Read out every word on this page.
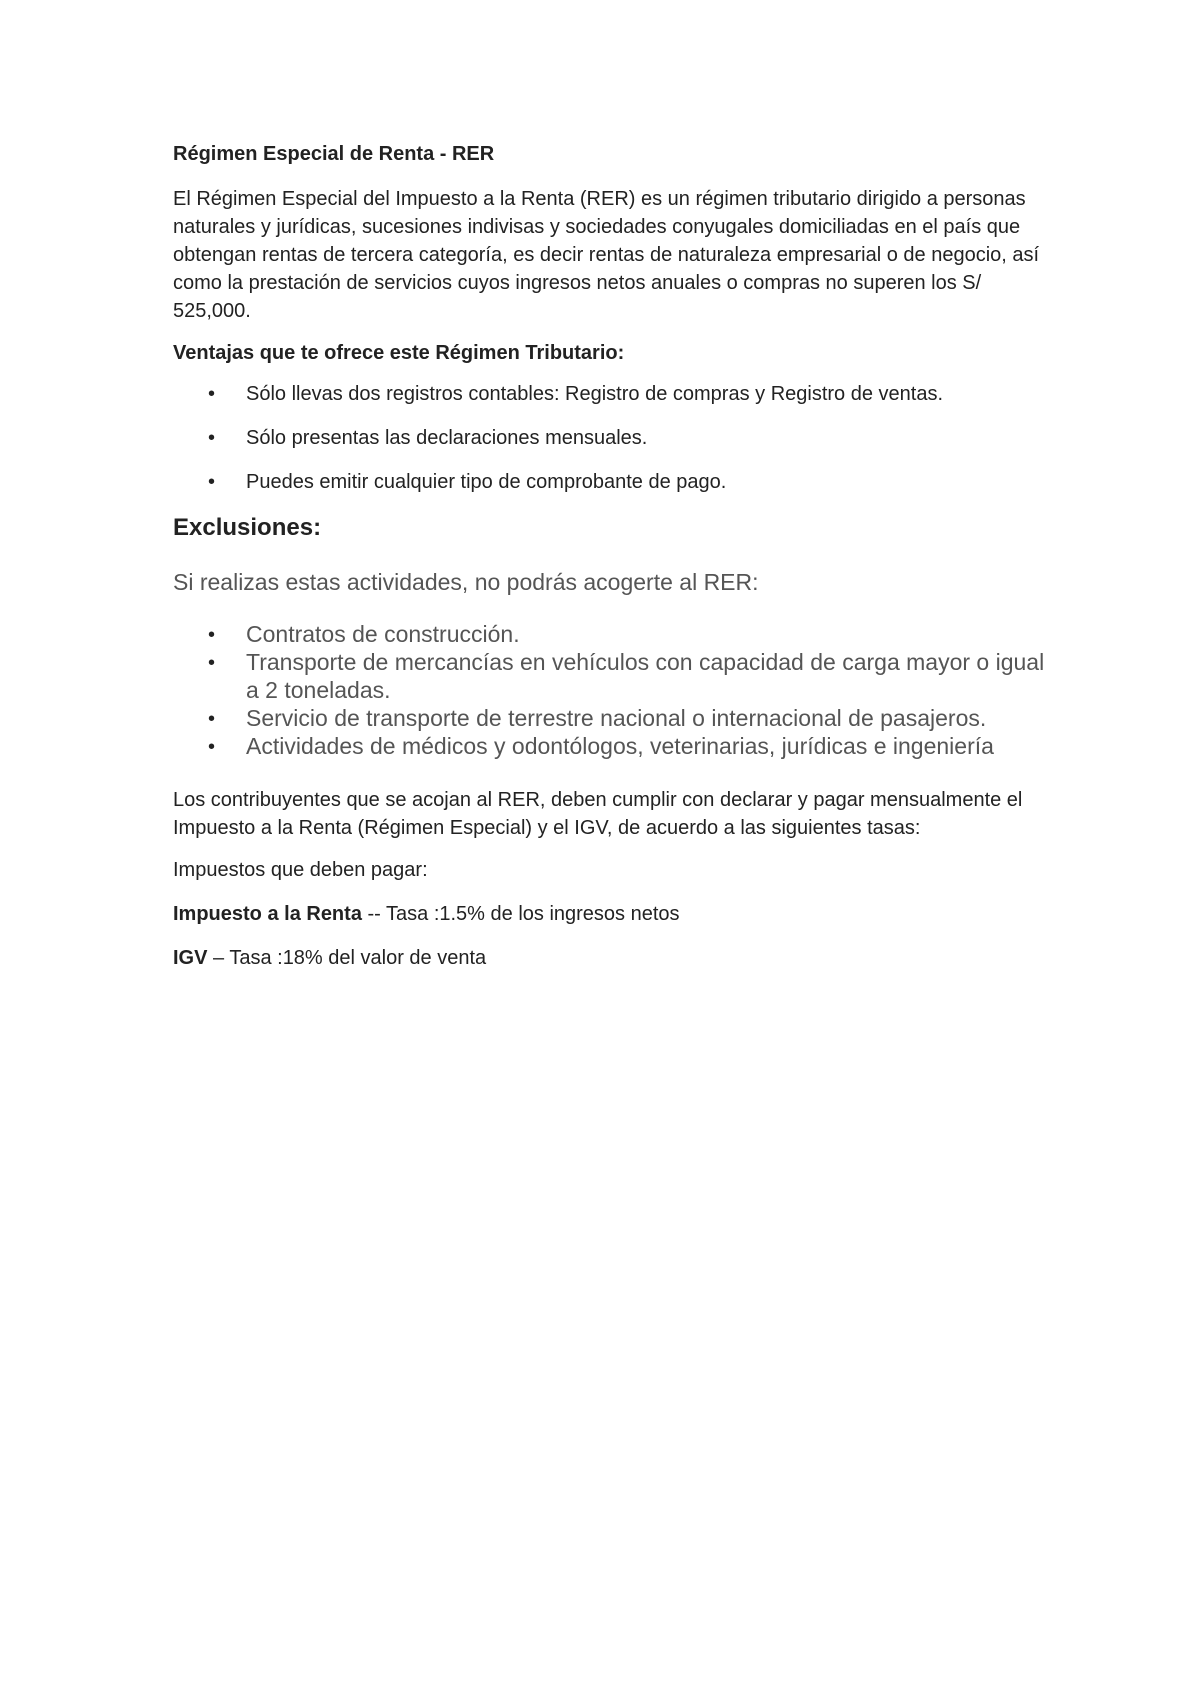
Régimen Especial de Renta - RER
El Régimen Especial del Impuesto a la Renta (RER) es un régimen tributario dirigido a personas naturales y jurídicas, sucesiones indivisas y sociedades conyugales domiciliadas en el país que obtengan rentas de tercera categoría, es decir rentas de naturaleza empresarial o de negocio, así como la prestación de servicios cuyos ingresos netos anuales o compras no superen los S/ 525,000.
Ventajas que te ofrece este Régimen Tributario:
• Sólo llevas dos registros contables: Registro de compras y Registro de ventas.
• Sólo presentas las declaraciones mensuales.
• Puedes emitir cualquier tipo de comprobante de pago.
Exclusiones:
Si realizas estas actividades, no podrás acogerte al RER:
• Contratos de construcción.
• Transporte de mercancías en vehículos con capacidad de carga mayor o igual a 2 toneladas.
• Servicio de transporte de terrestre nacional o internacional de pasajeros.
• Actividades de médicos y odontólogos, veterinarias, jurídicas e ingeniería
Los contribuyentes que se acojan al RER, deben cumplir con declarar y pagar mensualmente el Impuesto a la Renta (Régimen Especial) y el IGV, de acuerdo a las siguientes tasas:
Impuestos que deben pagar:
Impuesto a la Renta -- Tasa :1.5% de los ingresos netos
IGV – Tasa :18% del valor de venta
